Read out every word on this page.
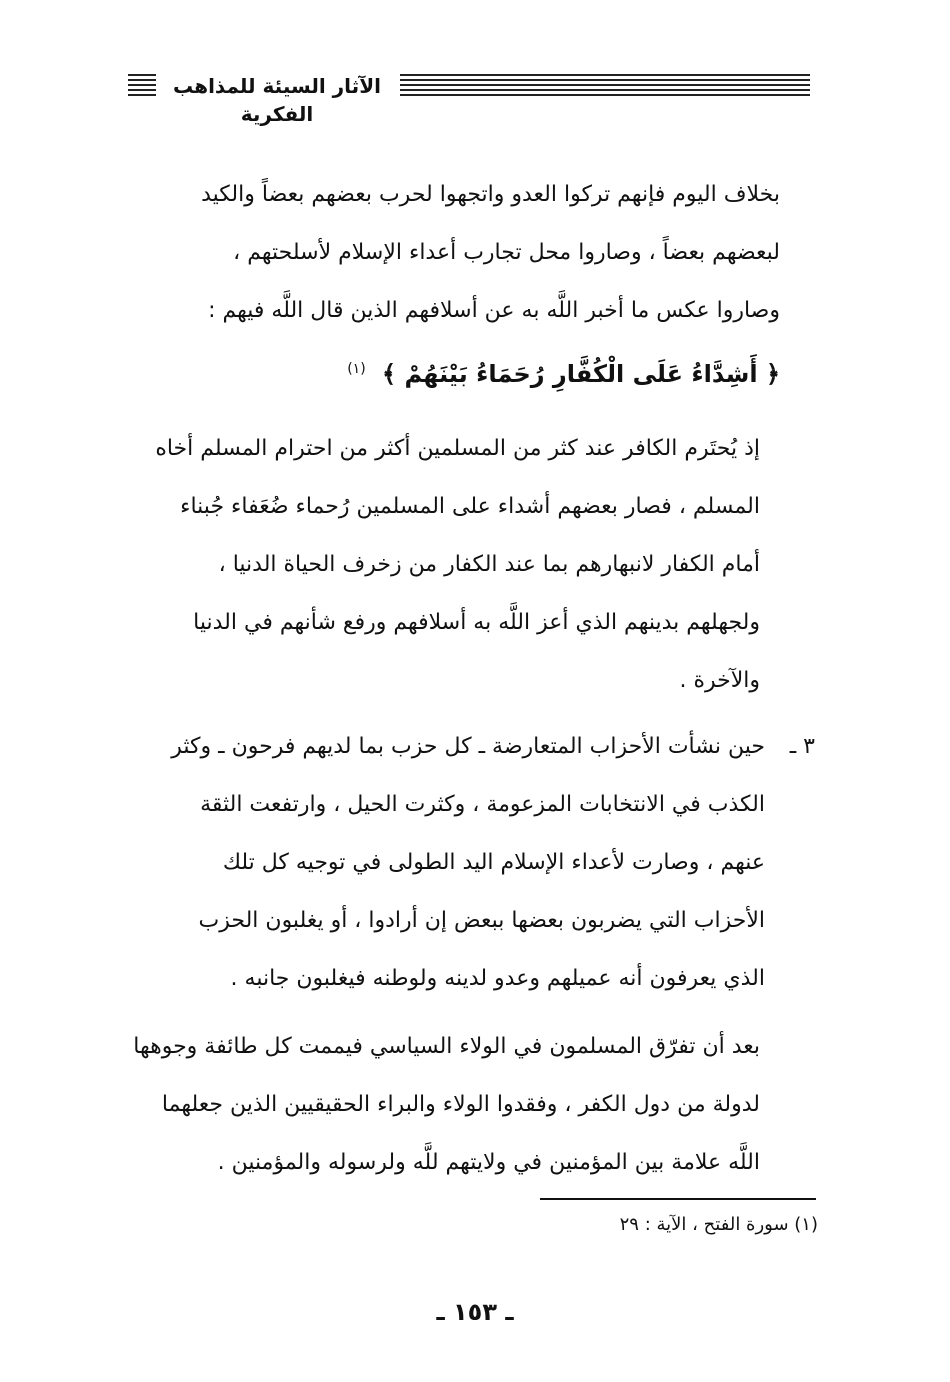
الآثار السيئة للمذاهب الفكرية
بخلاف اليوم فإنهم تركوا العدو واتجهوا لحرب بعضهم بعضاً والكيد
لبعضهم بعضاً ، وصاروا محل تجارب أعداء الإسلام لأسلحتهم ،
وصاروا عكس ما أخبر اللَّه به عن أسلافهم الذين قال اللَّه فيهم :
﴿ أَشِدَّاءُ عَلَى الْكُفَّارِ رُحَمَاءُ بَيْنَهُمْ ﴾ $^{(١)}$
إذ يُحتَرم الكافر عند كثر من المسلمين أكثر من احترام المسلم أخاه
المسلم ، فصار بعضهم أشداء على المسلمين رُحماء ضُعَفاء جُبناء
أمام الكفار لانبهارهم بما عند الكفار من زخرف الحياة الدنيا ،
ولجهلهم بدينهم الذي أعز اللَّه به أسلافهم ورفع شأنهم في الدنيا
والآخرة .
٣ ـ
حين نشأت الأحزاب المتعارضة ـ كل حزب بما لديهم فرحون ـ وكثر
الكذب في الانتخابات المزعومة ، وكثرت الحيل ، وارتفعت الثقة
عنهم ، وصارت لأعداء الإسلام اليد الطولى في توجيه كل تلك
الأحزاب التي يضربون بعضها ببعض إن أرادوا ، أو يغلبون الحزب
الذي يعرفون أنه عميلهم وعدو لدينه ولوطنه فيغلبون جانبه .
بعد أن تفرّق المسلمون في الولاء السياسي فيممت كل طائفة وجوهها
لدولة من دول الكفر ، وفقدوا الولاء والبراء الحقيقيين الذين جعلهما
اللَّه علامة بين المؤمنين في ولايتهم للَّه ولرسوله والمؤمنين .
(١) سورة الفتح ، الآية : ٢٩
ـ ١٥٣ ـ
